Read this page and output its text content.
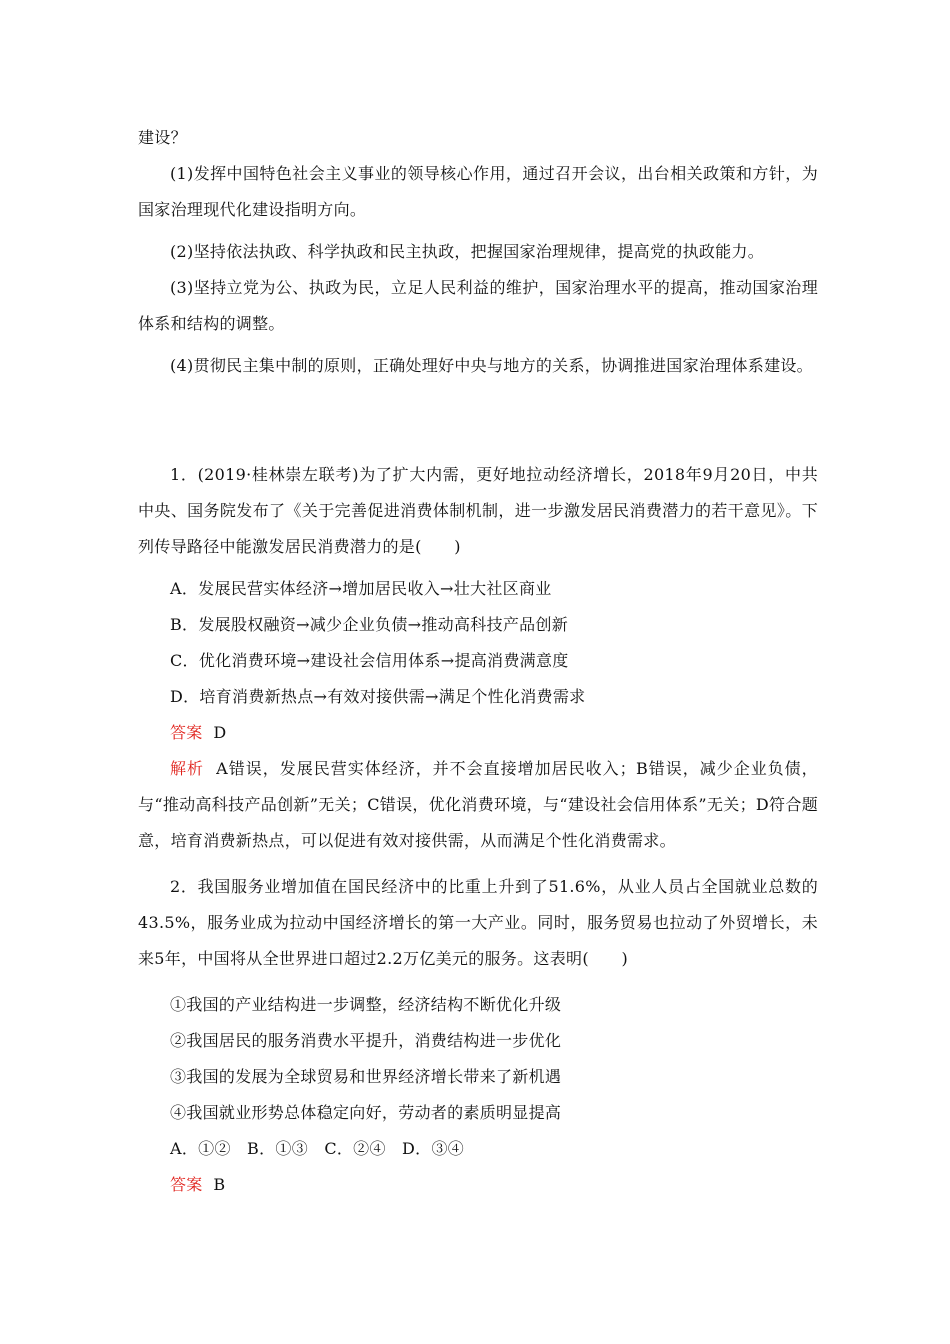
建设？

(1)发挥中国特色社会主义事业的领导核心作用，通过召开会议，出台相关政策和方针，为国家治理现代化建设指明方向。

(2)坚持依法执政、科学执政和民主执政，把握国家治理规律，提高党的执政能力。

(3)坚持立党为公、执政为民，立足人民利益的维护，国家治理水平的提高，推动国家治理体系和结构的调整。

(4)贯彻民主集中制的原则，正确处理好中央与地方的关系，协调推进国家治理体系建设。

1．(2019·桂林崇左联考)为了扩大内需，更好地拉动经济增长，2018年9月20日，中共中央、国务院发布了《关于完善促进消费体制机制，进一步激发居民消费潜力的若干意见》。下列传导路径中能激发居民消费潜力的是(　　)

A．发展民营实体经济→增加居民收入→壮大社区商业

B．发展股权融资→减少企业负债→推动高科技产品创新

C．优化消费环境→建设社会信用体系→提高消费满意度

D．培育消费新热点→有效对接供需→满足个性化消费需求

答案 D

解析 A错误，发展民营实体经济，并不会直接增加居民收入；B错误，减少企业负债，与“推动高科技产品创新”无关；C错误，优化消费环境，与“建设社会信用体系”无关；D符合题意，培育消费新热点，可以促进有效对接供需，从而满足个性化消费需求。

2．我国服务业增加值在国民经济中的比重上升到了51.6%，从业人员占全国就业总数的43.5%，服务业成为拉动中国经济增长的第一大产业。同时，服务贸易也拉动了外贸增长，未来5年，中国将从全世界进口超过2.2万亿美元的服务。这表明(　　)

①我国的产业结构进一步调整，经济结构不断优化升级

②我国居民的服务消费水平提升，消费结构进一步优化

③我国的发展为全球贸易和世界经济增长带来了新机遇

④我国就业形势总体稳定向好，劳动者的素质明显提高

A．①②　B．①③　C．②④　D．③④

答案 B
